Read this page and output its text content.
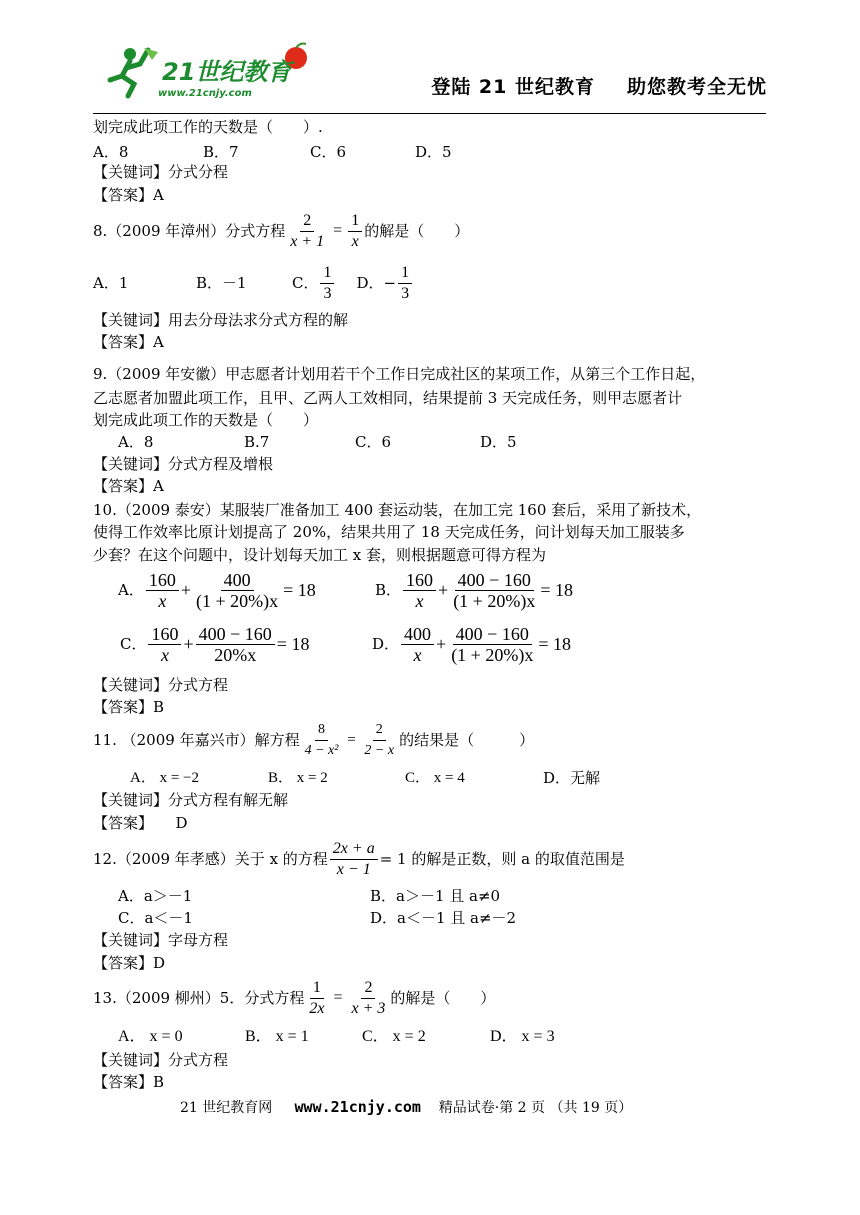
21世纪教育
www.21cnjy.com	登陆 21 世纪教育 助您教考全无忧
划完成此项工作的天数是（　　）.
A．8	B．7	C．6	D．5
【关键词】分式分程
【答案】A
8.（2009 年漳州）分式方程 $\frac{2}{x + 1} = \frac{1}{x}$ 的解是（　　）
A．1	B．－1	C． $\frac{1}{3}$ D．− $\frac{1}{3}$
【关键词】用去分母法求分式方程的解
【答案】A
9.（2009 年安徽）甲志愿者计划用若干个工作日完成社区的某项工作，从第三个工作日起，
乙志愿者加盟此项工作，且甲、乙两人工效相同，结果提前 3 天完成任务，则甲志愿者计
划完成此项工作的天数是（　　）
A．8	B.7	C．6	D．5
【关键词】分式方程及增根
【答案】A
10.（2009 泰安）某服装厂准备加工 400 套运动装，在加工完 160 套后，采用了新技术，
使得工作效率比原计划提高了 20%，结果共用了 18 天完成任务，问计划每天加工服装多
少套？在这个问题中，设计划每天加工 x 套，则根据题意可得方程为
A． $\frac{160}{x} + \frac{400}{(1 + 20\%)x} = 18$	B． $\frac{160}{x} + \frac{400 - 160}{(1 + 20\%)x} = 18$
C． $\frac{160}{x} + \frac{400 - 160}{20\%x} = 18$	D． $\frac{400}{x} + \frac{400 - 160}{(1 + 20\%)x} = 18$
【关键词】分式方程
【答案】B
11. （2009 年嘉兴市）解方程 $\frac{8}{\text{4 − x²}} = \frac{2}{2 - x}$ 的结果是（　　　）
A． x = −2	B． x = 2	C． x = 4	D．无解
【关键词】分式方程有解无解
【答案】　　D
12.（2009 年孝感）关于 x 的方程 $\frac{2x + a}{x - 1} = 1$ 的解是正数，则 a 的取值范围是
A．a＞－1	B．a＞－1 且 a≠0
C．a＜－1	D．a＜－1 且 a≠－2
【关键词】字母方程
【答案】D
13.（2009 柳州）5．分式方程 $\frac{1}{2x} = \frac{2}{x + 3}$ 的解是（　　）
A． x = 0	B． x = 1	C． x = 2	D． x = 3
【关键词】分式方程
【答案】B
21 世纪教育网 www.21cnjy.com 精品试卷·第 2 页 （共 19 页）
